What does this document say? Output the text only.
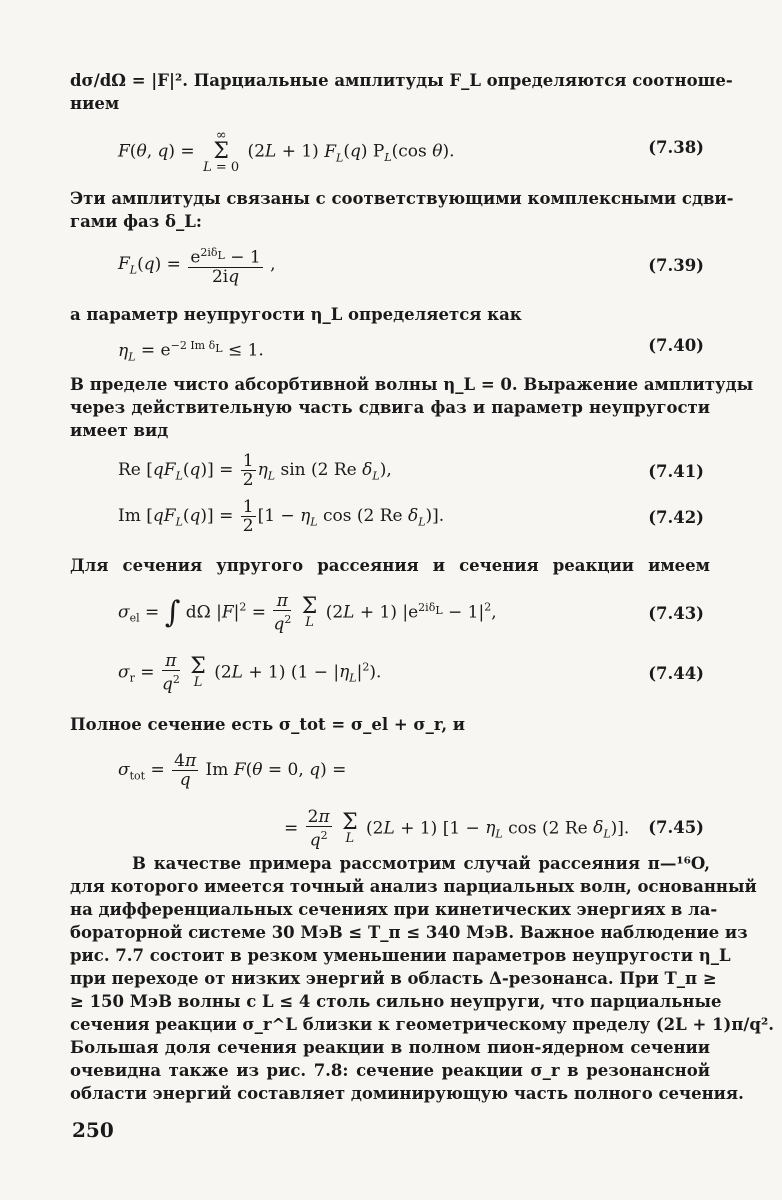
dσ/dΩ = |F|². Парциальные амплитуды F_L определяются соотноше-
нием
F(θ, q) = ∞
Σ
L = 0 (2L + 1) $F_L(q)$ $P_L(\cos$ θ).	(7.38)
Эти амплитуды связаны с соответствующими комплексными сдви-
гами фаз δ_L:
$F_L(q) = \frac{e^{2i\delta_L} - 1}{2iq}$ ,	(7.39)
а параметр неупругости η_L определяется как
$\eta_L = e^{-2 Im \delta_L} \le 1$.	(7.40)
В пределе чисто абсорбтивной волны η_L = 0. Выражение амплитуды
через действительную часть сдвига фаз и параметр неупругости
имеет вид
Re $[qF_L(q)] = \frac{1}{2} \eta_L$ sin (2 Re $\delta_L$),	(7.41)
Im $[qF_L(q)] = \frac{1}{2} [1 - \eta_L$ cos (2 Re $\delta_L$)].	(7.42)
Для сечения упругого рассеяния и сечения реакции имеем
$\sigma_{el}$ = ∫ dΩ $|F|^2 = \frac{\pi}{q^2}$
Σ
L (2L + 1) $|e^{2i\delta_L} - 1|^2$,	(7.43)
$\sigma_r = \frac{\pi}{q^2}$
Σ
L (2L + 1) $(1 - |\eta_L|^2)$.	(7.44)
Полное сечение есть σ_tot = σ_el + σ_r, и
$\sigma_{tot} = \frac{4\pi}{q}$ Im F(θ = 0, q) =
= $\frac{2\pi}{q^2}$
Σ
L (2L + 1) [$1 - \eta_L$ cos (2 Re $\delta_L$)]. (7.45)
В качестве примера рассмотрим случай рассеяния π—¹⁶O,
для которого имеется точный анализ парциальных волн, основанный
на дифференциальных сечениях при кинетических энергиях в ла-
бораторной системе 30 МэВ ≤ T_π ≤ 340 МэВ. Важное наблюдение из
рис. 7.7 состоит в резком уменьшении параметров неупругости η_L
при переходе от низких энергий в область Δ-резонанса. При T_π ≥
≥ 150 МэВ волны с L ≤ 4 столь сильно неупруги, что парциальные
сечения реакции σ_r^L близки к геометрическому пределу (2L + 1)π/q².
Большая доля сечения реакции в полном пион-ядерном сечении
очевидна также из рис. 7.8: сечение реакции σ_r в резонансной
области энергий составляет доминирующую часть полного сечения.
250
